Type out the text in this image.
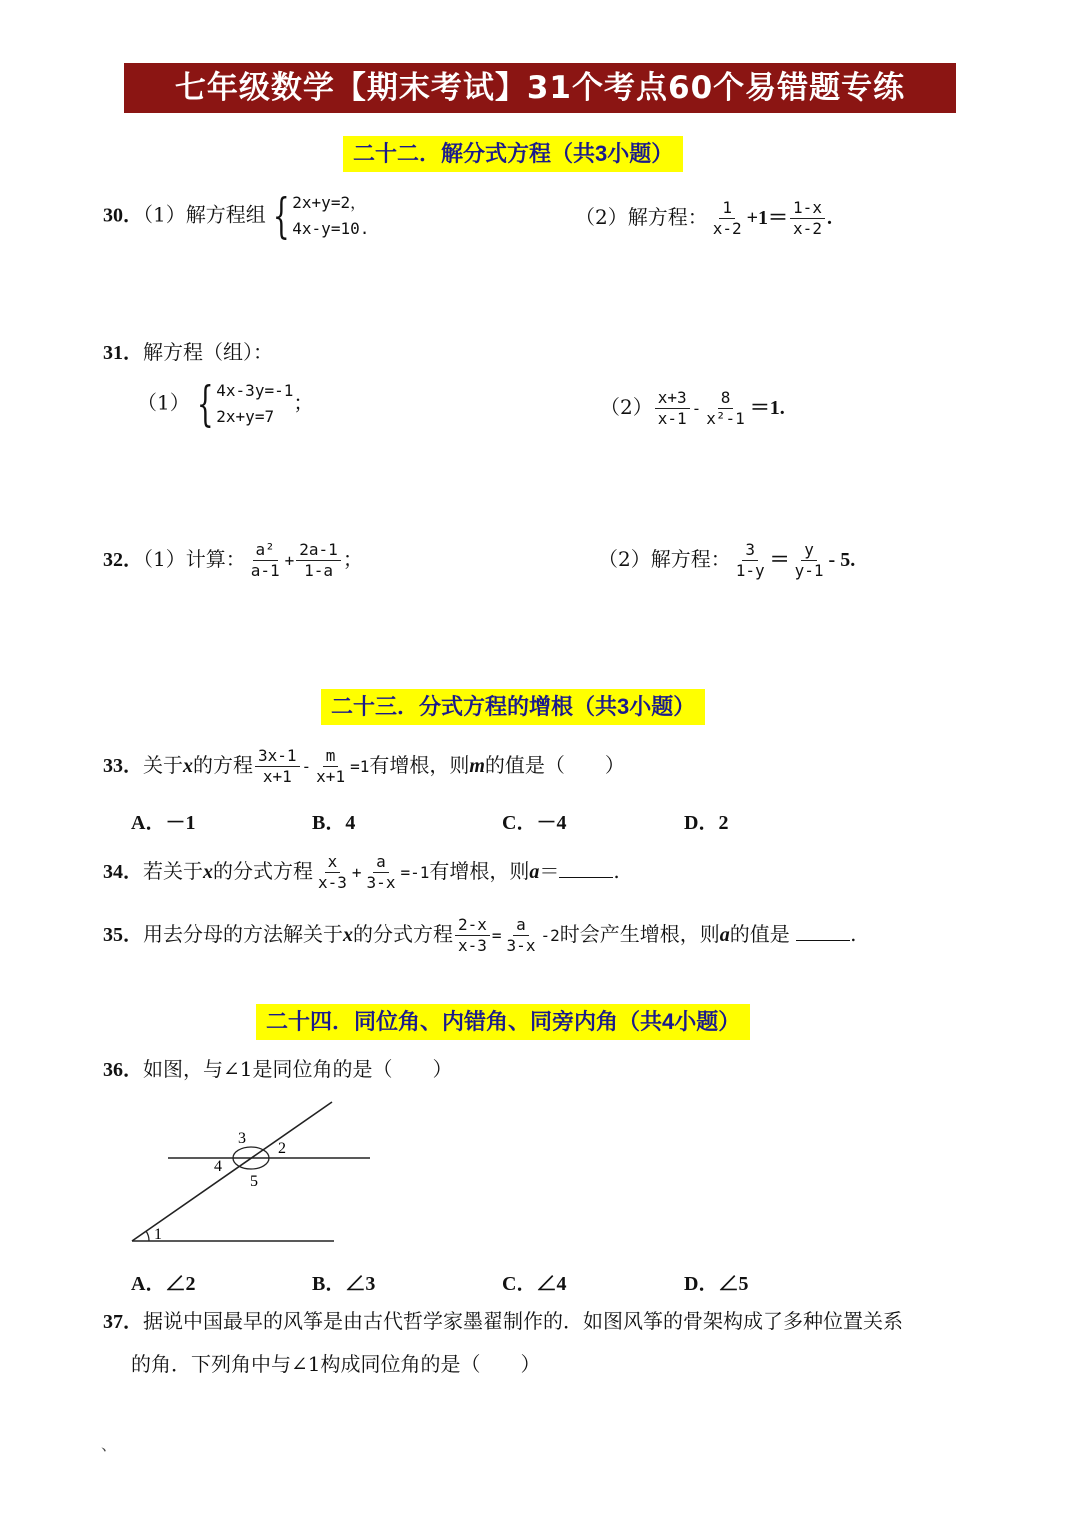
七年级数学【期末考试】31个考点60个易错题专练
二十二．解分式方程（共3小题）
30．（1）解方程组 { 2x+y=2，
4x-y=10.	（2）解方程： $\frac{1}{x-2} +1= \frac{1-x}{x-2}$ .
31．解方程（组）：
（1） { 4x-3y=-1
2x+y=7
；	$(2) \frac{x+3}{x-1} - \frac{8}{\text{x²-1}} =1$.
32．（1）计算： $\frac{\text{a²}}{a-1} + \frac{2a-1}{1-a}$ ；	（2）解方程： $\frac{3}{1-y} = \frac{y}{y-1} - 5$.
二十三．分式方程的增根（共3小题）
33．关于x的方程 $\frac{3x-1}{x+1} - \frac{m}{x+1} =1$有增根，则m的值是（　　）
A．－1	B．4	C．－4	D．2
34．若关于x的分式方程 $\frac{x}{x-3} + \frac{a}{3-x} =-1$有增根，则a＝	.
35．用去分母的方法解关于x的分式方程 $\frac{2-x}{x-3} = \frac{a}{3-x} -2$时会产生增根，则a的值是	.
二十四．同位角、内错角、同旁内角（共4小题）
36．如图，与∠1是同位角的是（　　）
1
2
3
4
5
A．∠2	B．∠3	C．∠4	D．∠5
37．据说中国最早的风筝是由古代哲学家墨翟制作的．如图风筝的骨架构成了多种位置关系
的角．下列角中与∠1构成同位角的是（　　）
、
